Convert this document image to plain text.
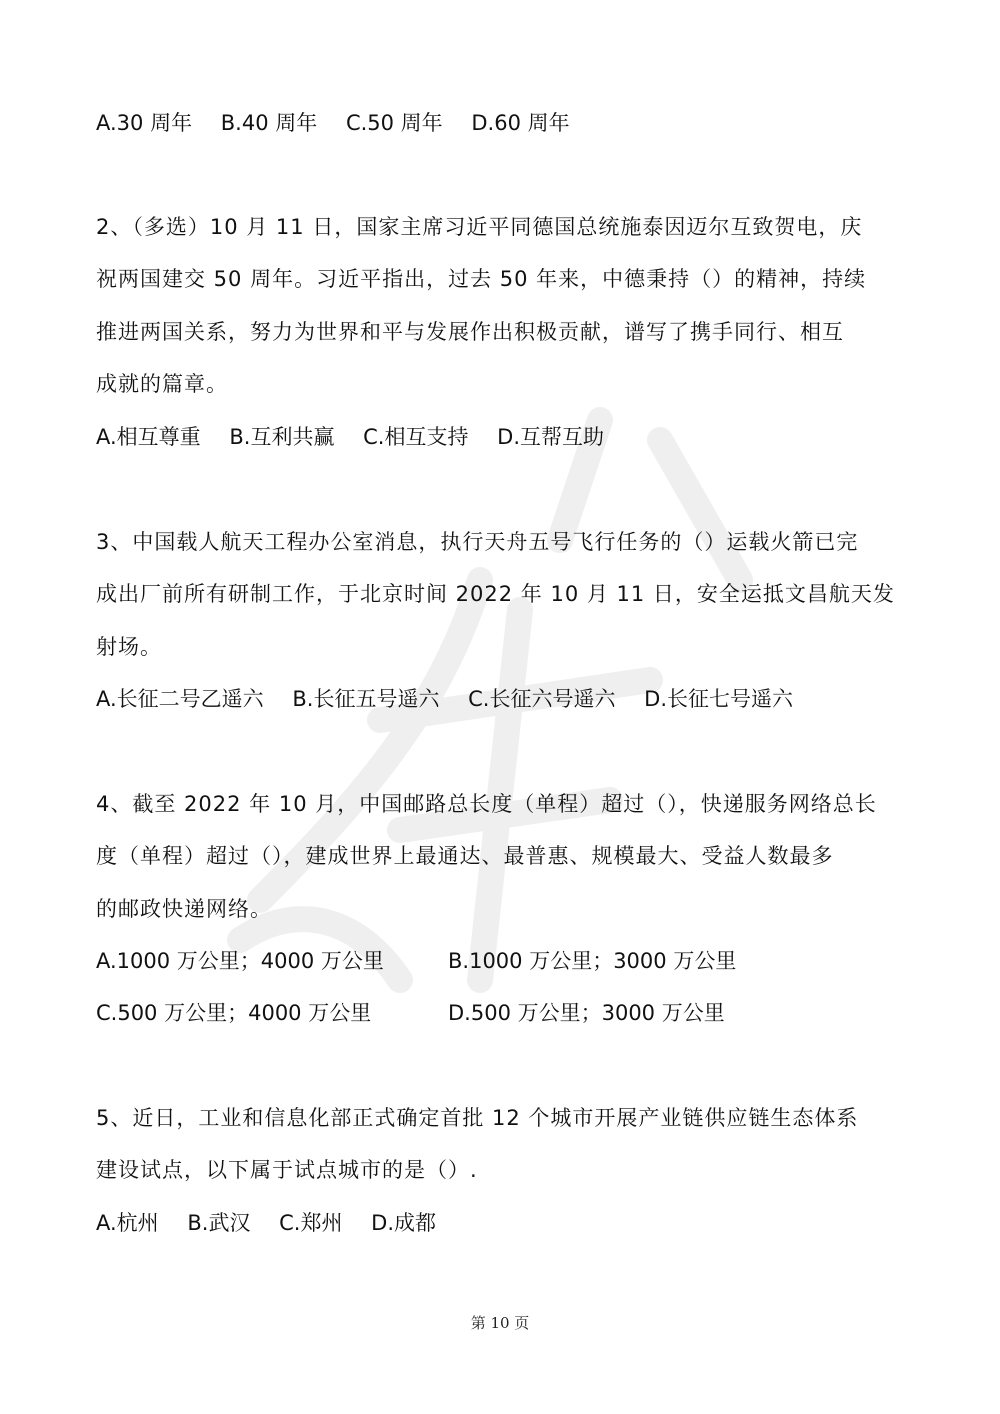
A.30 周年 B.40 周年 C.50 周年 D.60 周年
2、（多选）10 月 11 日，国家主席习近平同德国总统施泰因迈尔互致贺电，庆
祝两国建交 50 周年。习近平指出，过去 50 年来，中德秉持（）的精神，持续
推进两国关系，努力为世界和平与发展作出积极贡献，谱写了携手同行、相互
成就的篇章。
A.相互尊重 B.互利共赢 C.相互支持 D.互帮互助
3、中国载人航天工程办公室消息，执行天舟五号飞行任务的（）运载火箭已完
成出厂前所有研制工作，于北京时间 2022 年 10 月 11 日，安全运抵文昌航天发
射场。
A.长征二号乙遥六 B.长征五号遥六 C.长征六号遥六 D.长征七号遥六
4、截至 2022 年 10 月，中国邮路总长度（单程）超过（），快递服务网络总长
度（单程）超过（），建成世界上最通达、最普惠、规模最大、受益人数最多
的邮政快递网络。
A.1000 万公里；4000 万公里	B.1000 万公里；3000 万公里
C.500 万公里；4000 万公里	D.500 万公里；3000 万公里
5、近日，工业和信息化部正式确定首批 12 个城市开展产业链供应链生态体系
建设试点，以下属于试点城市的是（）.
A.杭州 B.武汉 C.郑州 D.成都
第 10 页
